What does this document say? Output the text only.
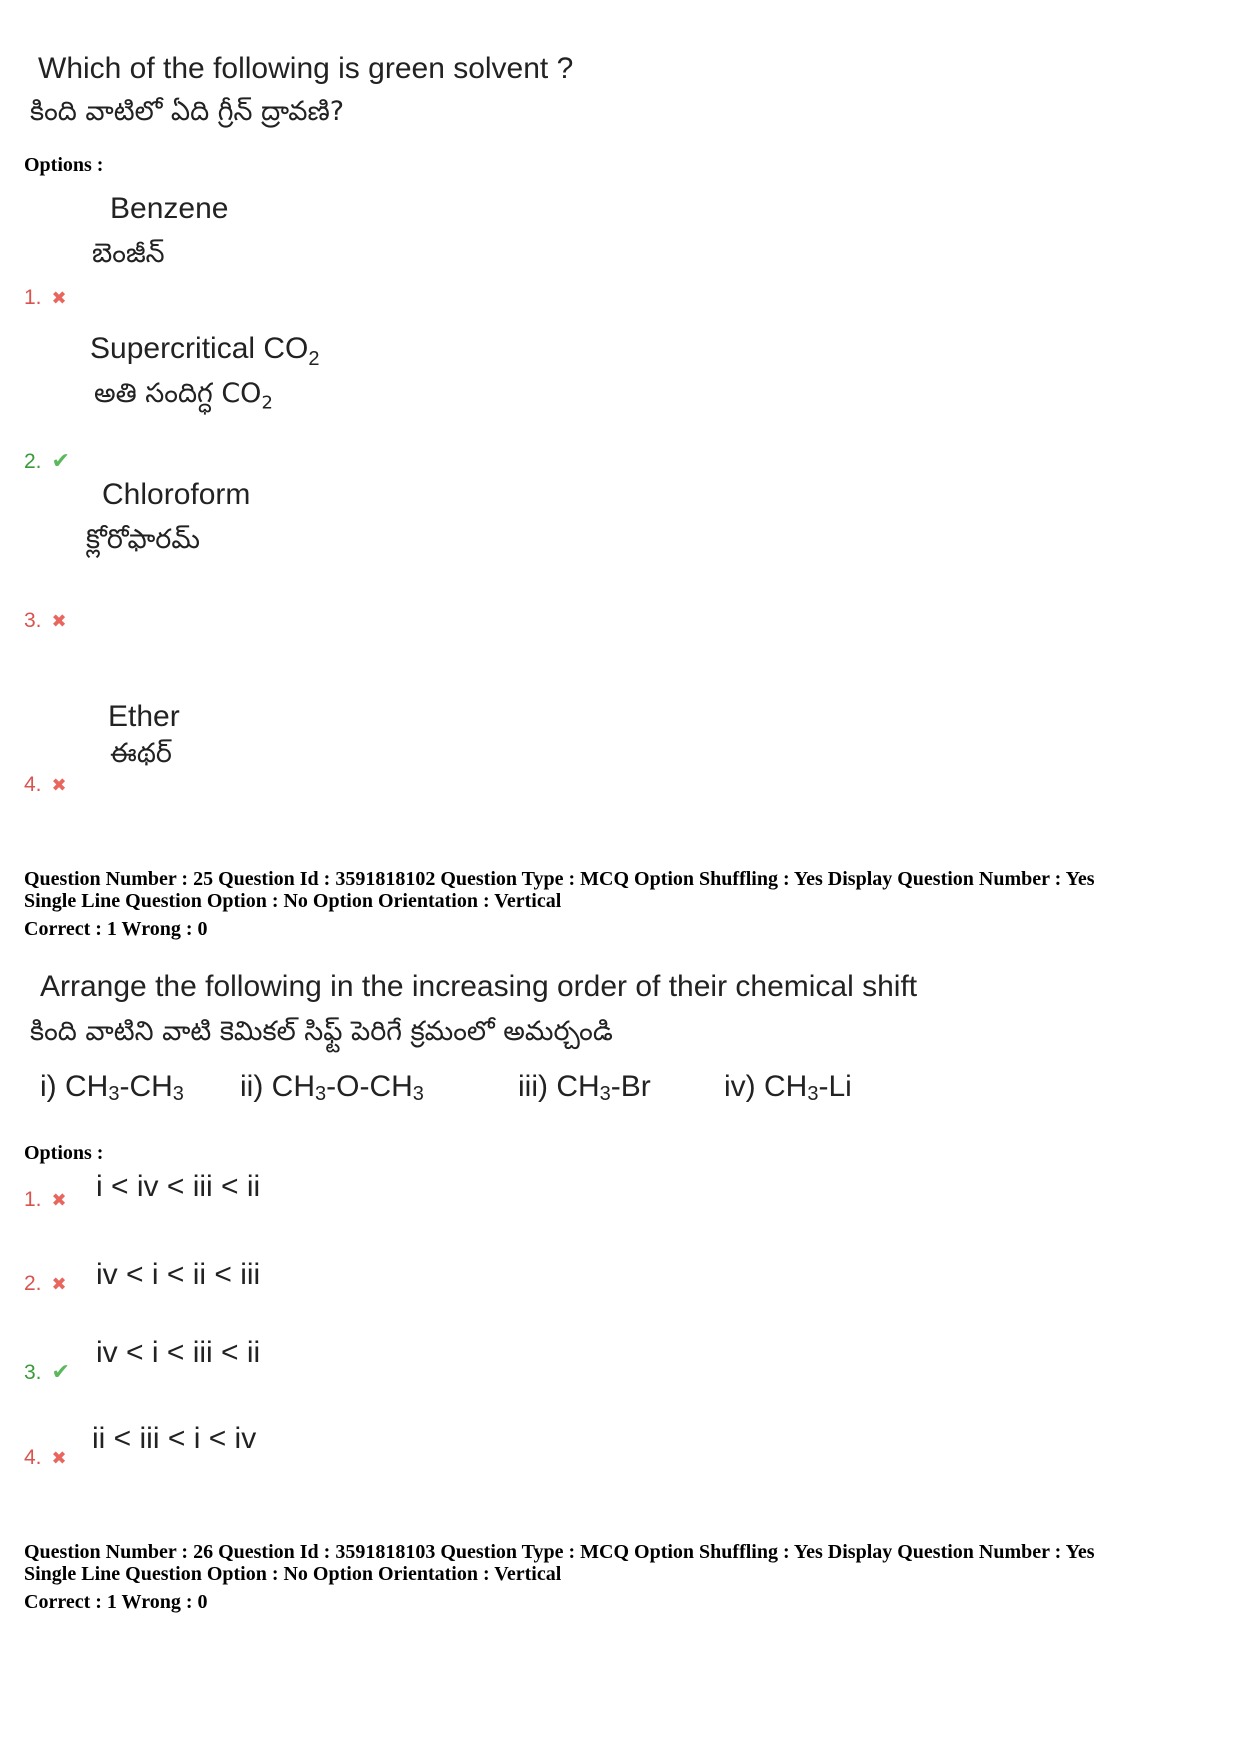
Which of the following is green solvent ?
కింది వాటిలో ఏది గ్రీన్ ద్రావణి?
Options :
Benzene
బెంజీన్
1. ✖
Supercritical $CO_2$
అతి సందిగ్ధ $CO_2$
2. ✔
Chloroform
క్లోరోఫారమ్
3. ✖
Ether
ఈథర్
4. ✖
Question Number : 25 Question Id : 3591818102 Question Type : MCQ Option Shuffling : Yes Display Question Number : Yes
Single Line Question Option : No Option Orientation : Vertical
Correct : 1 Wrong : 0
Arrange the following in the increasing order of their chemical shift
కింది వాటిని వాటి కెమికల్ సిఫ్ట్ పెరిగే క్రమంలో అమర్చండి
i) $CH_3-CH_3$ ii) $CH_3-O-CH_3$	iii) $CH_3-Br$ iv) $CH_3-Li$
Options :
i < iv < iii < ii
1. ✖
iv < i < ii < iii
2. ✖
iv < i < iii < ii
3. ✔
ii < iii < i < iv
4. ✖
Question Number : 26 Question Id : 3591818103 Question Type : MCQ Option Shuffling : Yes Display Question Number : Yes
Single Line Question Option : No Option Orientation : Vertical
Correct : 1 Wrong : 0
